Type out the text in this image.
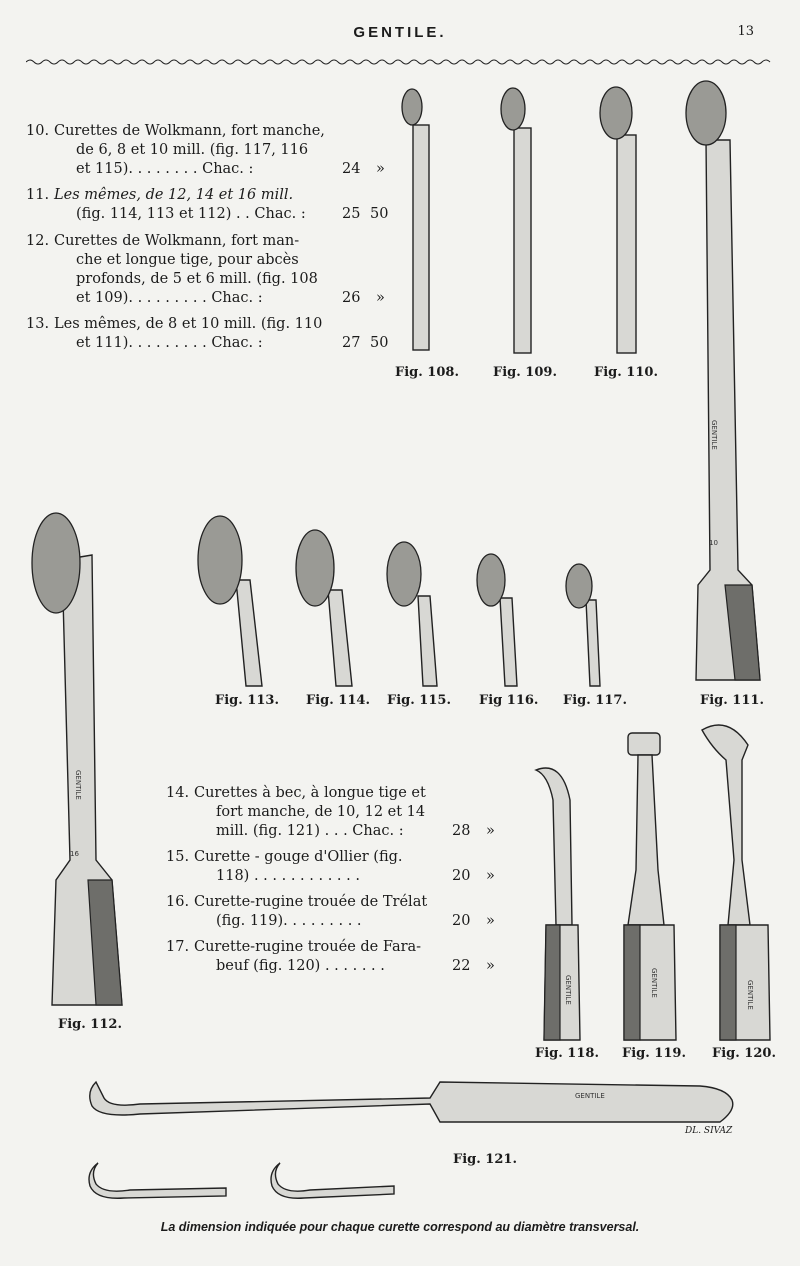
GENTILE.	13
GENTILE
10
GENTILE
16
GENTILE	GENTILE	GENTILE
GENTILE
10. Curettes de Wolkmann, fort manche,
de 6, 8 et 10 mill. (fig. 117, 116
et 115). . . . . . . . Chac. :	24 »
11. Les mêmes, de 12, 14 et 16 mill.
(fig. 114, 113 et 112) . . Chac. :	25 50
12. Curettes de Wolkmann, fort man-
che et longue tige, pour abcès
profonds, de 5 et 6 mill. (fig. 108
et 109). . . . . . . . . Chac. :	26 »
13. Les mêmes, de 8 et 10 mill. (fig. 110
et 111). . . . . . . . . Chac. :	27 50
14. Curettes à bec, à longue tige et
fort manche, de 10, 12 et 14
mill. (fig. 121) . . . Chac. :	28 »
15. Curette - gouge d'Ollier (fig.
118) . . . . . . . . . . . .	20 »
16. Curette-rugine trouée de Trélat
(fig. 119). . . . . . . . .	20 »
17. Curette-rugine trouée de Fara-
beuf (fig. 120) . . . . . . .	22 »
Fig. 108.	Fig. 109.	Fig. 110.
Fig. 111.
Fig. 112.
Fig. 113. Fig. 114. Fig. 115. Fig 116. Fig. 117.
Fig. 118. Fig. 119. Fig. 120.
Fig. 121.
DL. SIVAZ
La dimension indiquée pour chaque curette correspond au diamètre transversal.
